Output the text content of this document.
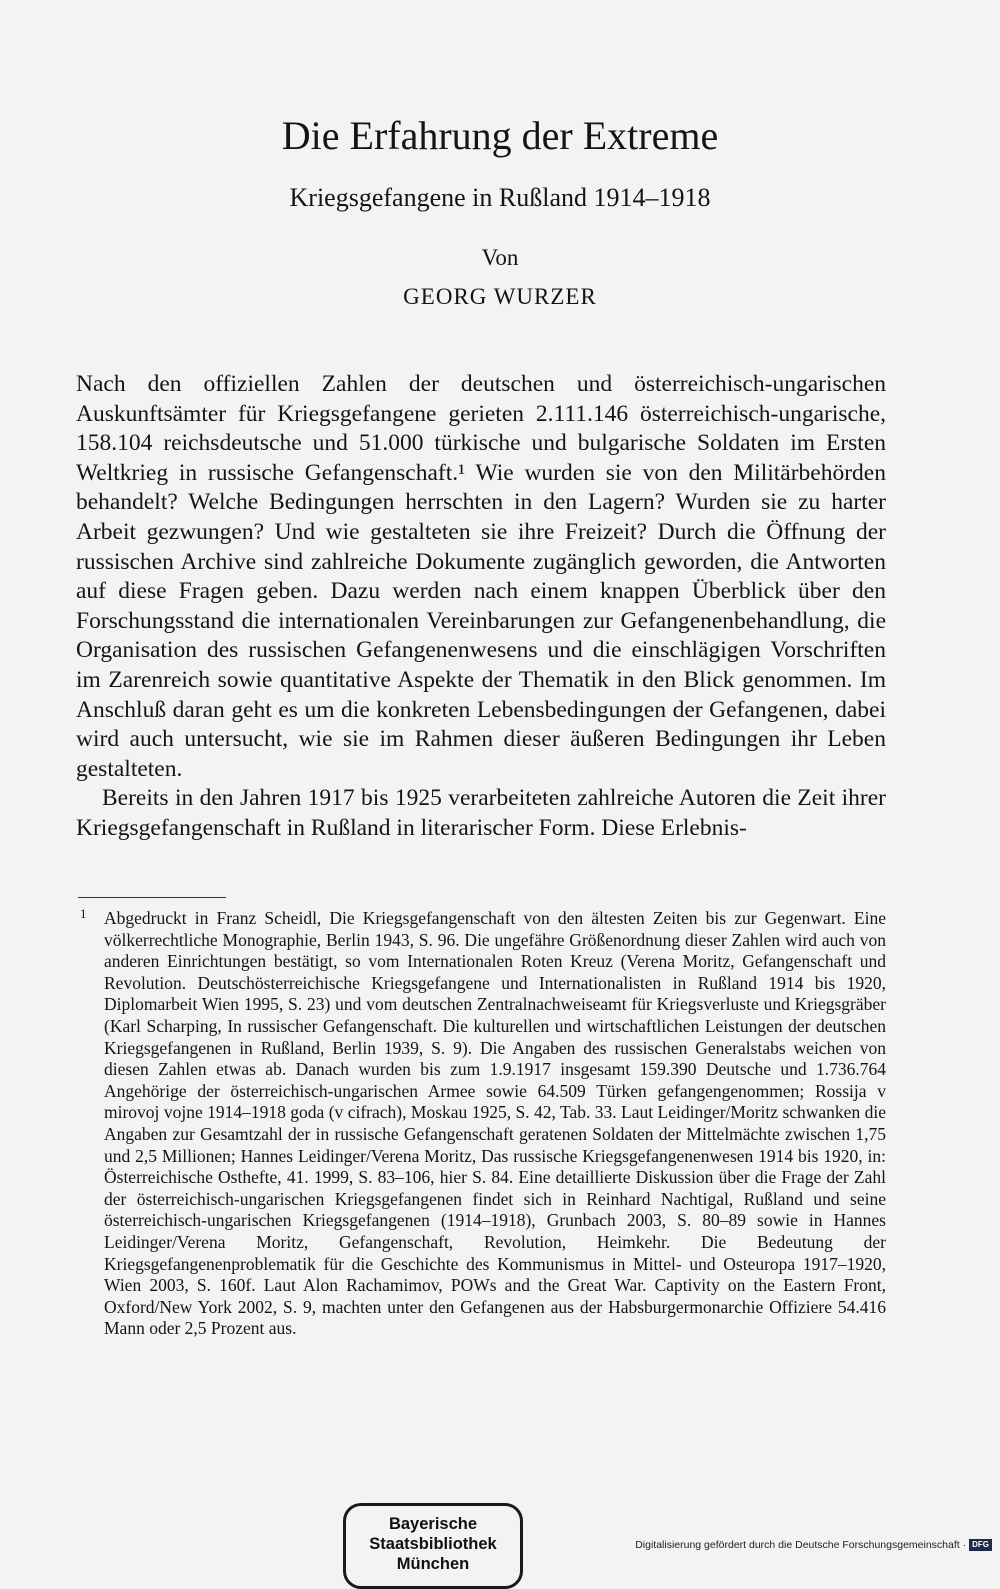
Die Erfahrung der Extreme
Kriegsgefangene in Rußland 1914–1918
Von
GEORG WURZER

Nach den offiziellen Zahlen der deutschen und österreichisch-ungarischen Auskunftsämter für Kriegsgefangene gerieten 2.111.146 österreichisch-ungarische, 158.104 reichsdeutsche und 51.000 türkische und bulgarische Soldaten im Ersten Weltkrieg in russische Gefangenschaft.¹ Wie wurden sie von den Militärbehörden behandelt? Welche Bedingungen herrschten in den Lagern? Wurden sie zu harter Arbeit gezwungen? Und wie gestalteten sie ihre Freizeit? Durch die Öffnung der russischen Archive sind zahlreiche Dokumente zugänglich geworden, die Antworten auf diese Fragen geben. Dazu werden nach einem knappen Überblick über den Forschungsstand die internationalen Vereinbarungen zur Gefangenenbehandlung, die Organisation des russischen Gefangenenwesens und die einschlägigen Vorschriften im Zarenreich sowie quantitative Aspekte der Thematik in den Blick genommen. Im Anschluß daran geht es um die konkreten Lebensbedingungen der Gefangenen, dabei wird auch untersucht, wie sie im Rahmen dieser äußeren Bedingungen ihr Leben gestalteten.

Bereits in den Jahren 1917 bis 1925 verarbeiteten zahlreiche Autoren die Zeit ihrer Kriegsgefangenschaft in Rußland in literarischer Form. Diese Erlebnis-

1 Abgedruckt in Franz Scheidl, Die Kriegsgefangenschaft von den ältesten Zeiten bis zur Gegenwart. Eine völkerrechtliche Monographie, Berlin 1943, S. 96. Die ungefähre Größenordnung dieser Zahlen wird auch von anderen Einrichtungen bestätigt, so vom Internationalen Roten Kreuz (Verena Moritz, Gefangenschaft und Revolution. Deutschösterreichische Kriegsgefangene und Internationalisten in Rußland 1914 bis 1920, Diplomarbeit Wien 1995, S. 23) und vom deutschen Zentralnachweiseamt für Kriegsverluste und Kriegsgräber (Karl Scharping, In russischer Gefangenschaft. Die kulturellen und wirtschaftlichen Leistungen der deutschen Kriegsgefangenen in Rußland, Berlin 1939, S. 9). Die Angaben des russischen Generalstabs weichen von diesen Zahlen etwas ab. Danach wurden bis zum 1.9.1917 insgesamt 159.390 Deutsche und 1.736.764 Angehörige der österreichisch-ungarischen Armee sowie 64.509 Türken gefangengenommen; Rossija v mirovoj vojne 1914–1918 goda (v cifrach), Moskau 1925, S. 42, Tab. 33. Laut Leidinger/Moritz schwanken die Angaben zur Gesamtzahl der in russische Gefangenschaft geratenen Soldaten der Mittelmächte zwischen 1,75 und 2,5 Millionen; Hannes Leidinger/Verena Moritz, Das russische Kriegsgefangenenwesen 1914 bis 1920, in: Österreichische Osthefte, 41. 1999, S. 83–106, hier S. 84. Eine detaillierte Diskussion über die Frage der Zahl der österreichisch-ungarischen Kriegsgefangenen findet sich in Reinhard Nachtigal, Rußland und seine österreichisch-ungarischen Kriegsgefangenen (1914–1918), Grunbach 2003, S. 80–89 sowie in Hannes Leidinger/Verena Moritz, Gefangenschaft, Revolution, Heimkehr. Die Bedeutung der Kriegsgefangenenproblematik für die Geschichte des Kommunismus in Mittel- und Osteuropa 1917–1920, Wien 2003, S. 160f. Laut Alon Rachamimov, POWs and the Great War. Captivity on the Eastern Front, Oxford/New York 2002, S. 9, machten unter den Gefangenen aus der Habsburgermonarchie Offiziere 54.416 Mann oder 2,5 Prozent aus.

Bayerische
Staatsbibliothek
München
Digitalisierung gefördert durch die Deutsche Forschungsgemeinschaft · DFG
